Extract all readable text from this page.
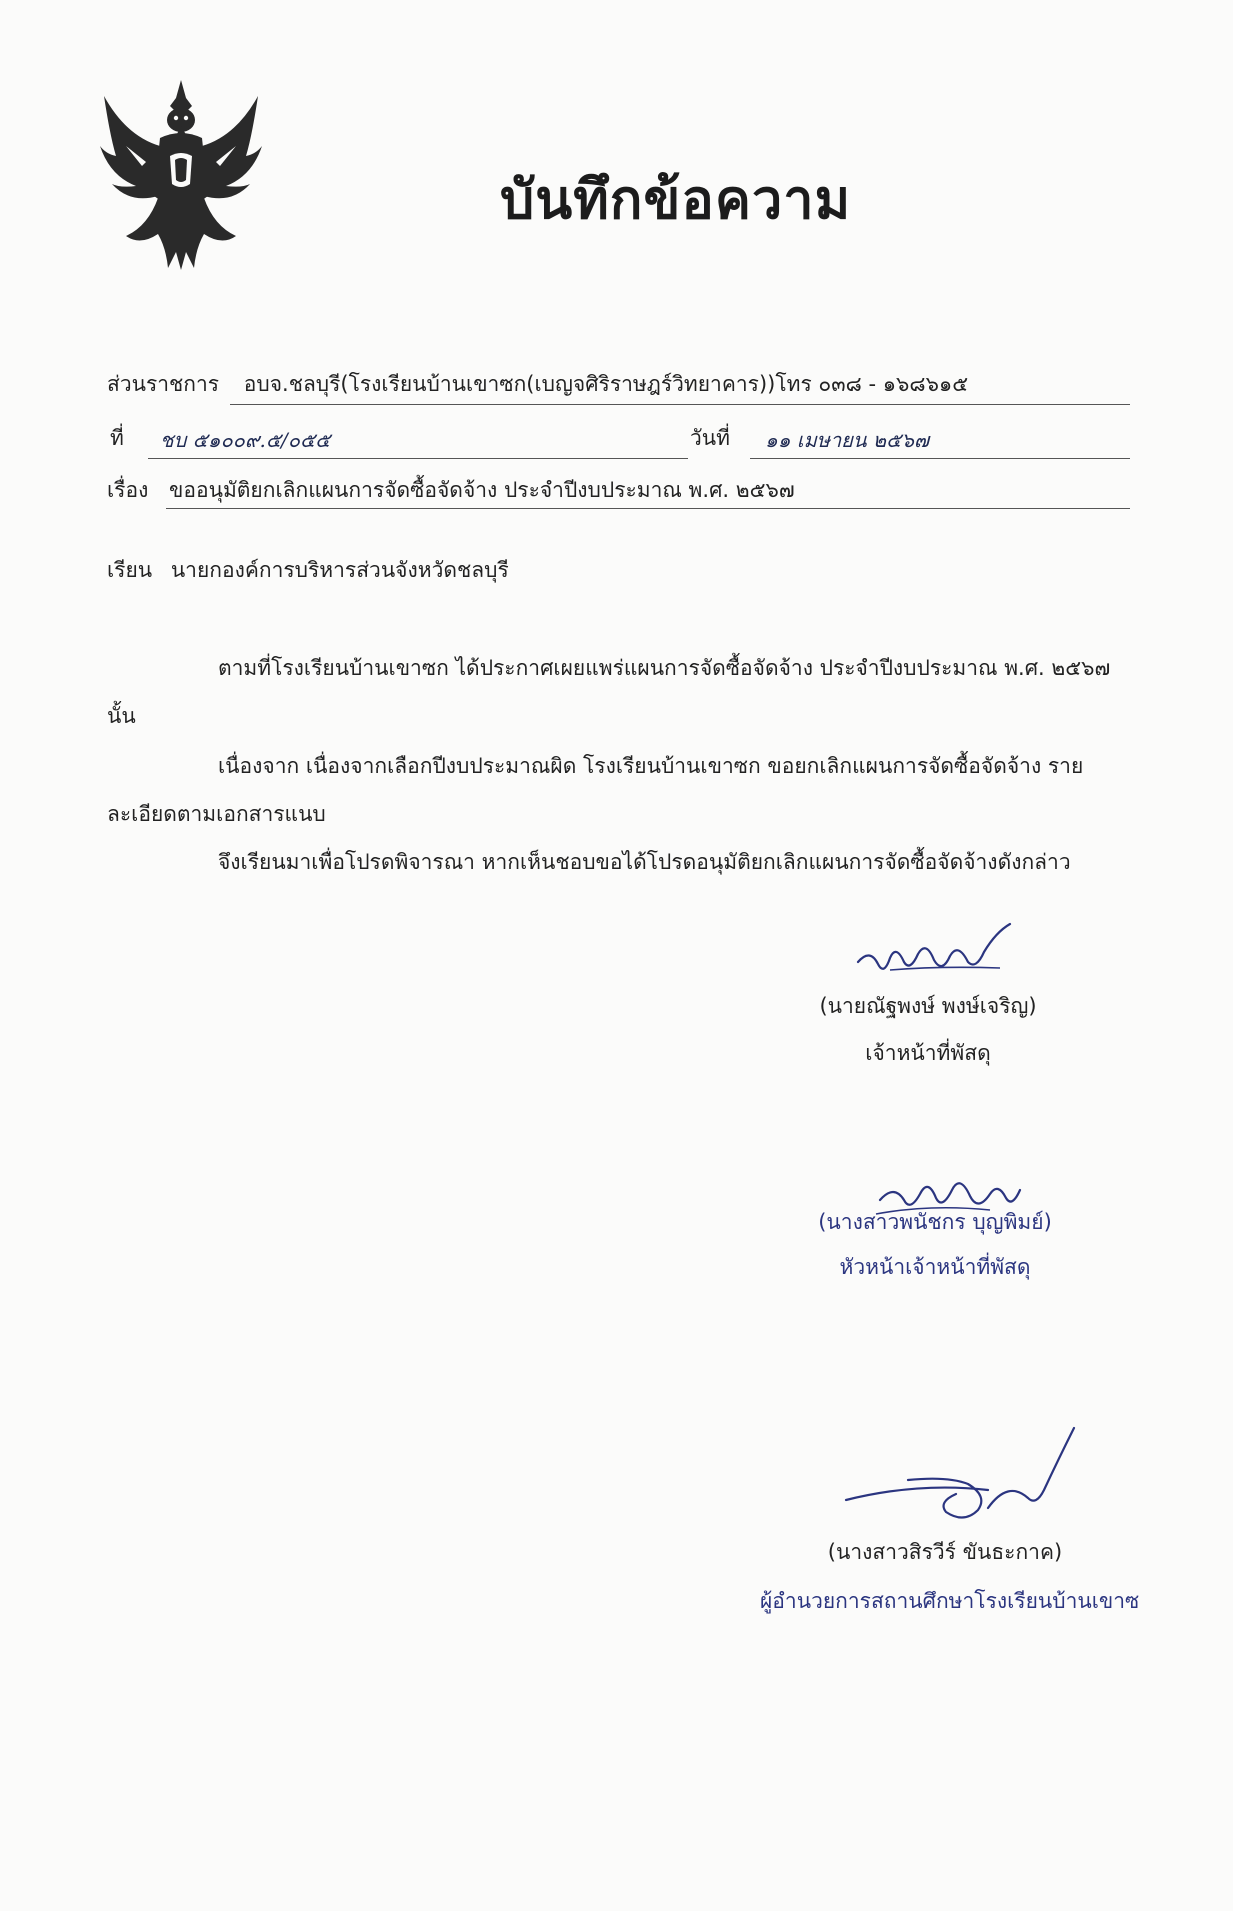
บันทึกข้อความ
ส่วนราชการ อบจ.ชลบุรี(โรงเรียนบ้านเขาซก(เบญจศิริราษฎร์วิทยาคาร))โทร ๐๓๘ - ๑๖๘๖๑๕
ที่ ชบ ๕๑๐๐๙.๕/๐๕๕	วันที่ ๑๑ เมษายน ๒๕๖๗
เรื่อง ขออนุมัติยกเลิกแผนการจัดซื้อจัดจ้าง ประจำปีงบประมาณ พ.ศ. ๒๕๖๗
เรียน นายกองค์การบริหารส่วนจังหวัดชลบุรี
ตามที่โรงเรียนบ้านเขาซก ได้ประกาศเผยแพร่แผนการจัดซื้อจัดจ้าง ประจำปีงบประมาณ พ.ศ. ๒๕๖๗
นั้น
เนื่องจาก เนื่องจากเลือกปีงบประมาณผิด โรงเรียนบ้านเขาซก ขอยกเลิกแผนการจัดซื้อจัดจ้าง ราย
ละเอียดตามเอกสารแนบ
จึงเรียนมาเพื่อโปรดพิจารณา หากเห็นชอบขอได้โปรดอนุมัติยกเลิกแผนการจัดซื้อจัดจ้างดังกล่าว
(นายณัฐพงษ์ พงษ์เจริญ)
เจ้าหน้าที่พัสดุ
(นางสาวพนัชกร บุญพิมย์)
หัวหน้าเจ้าหน้าที่พัสดุ
(นางสาวสิรวีร์ ขันธะกาค)
ผู้อำนวยการสถานศึกษาโรงเรียนบ้านเขาซ
